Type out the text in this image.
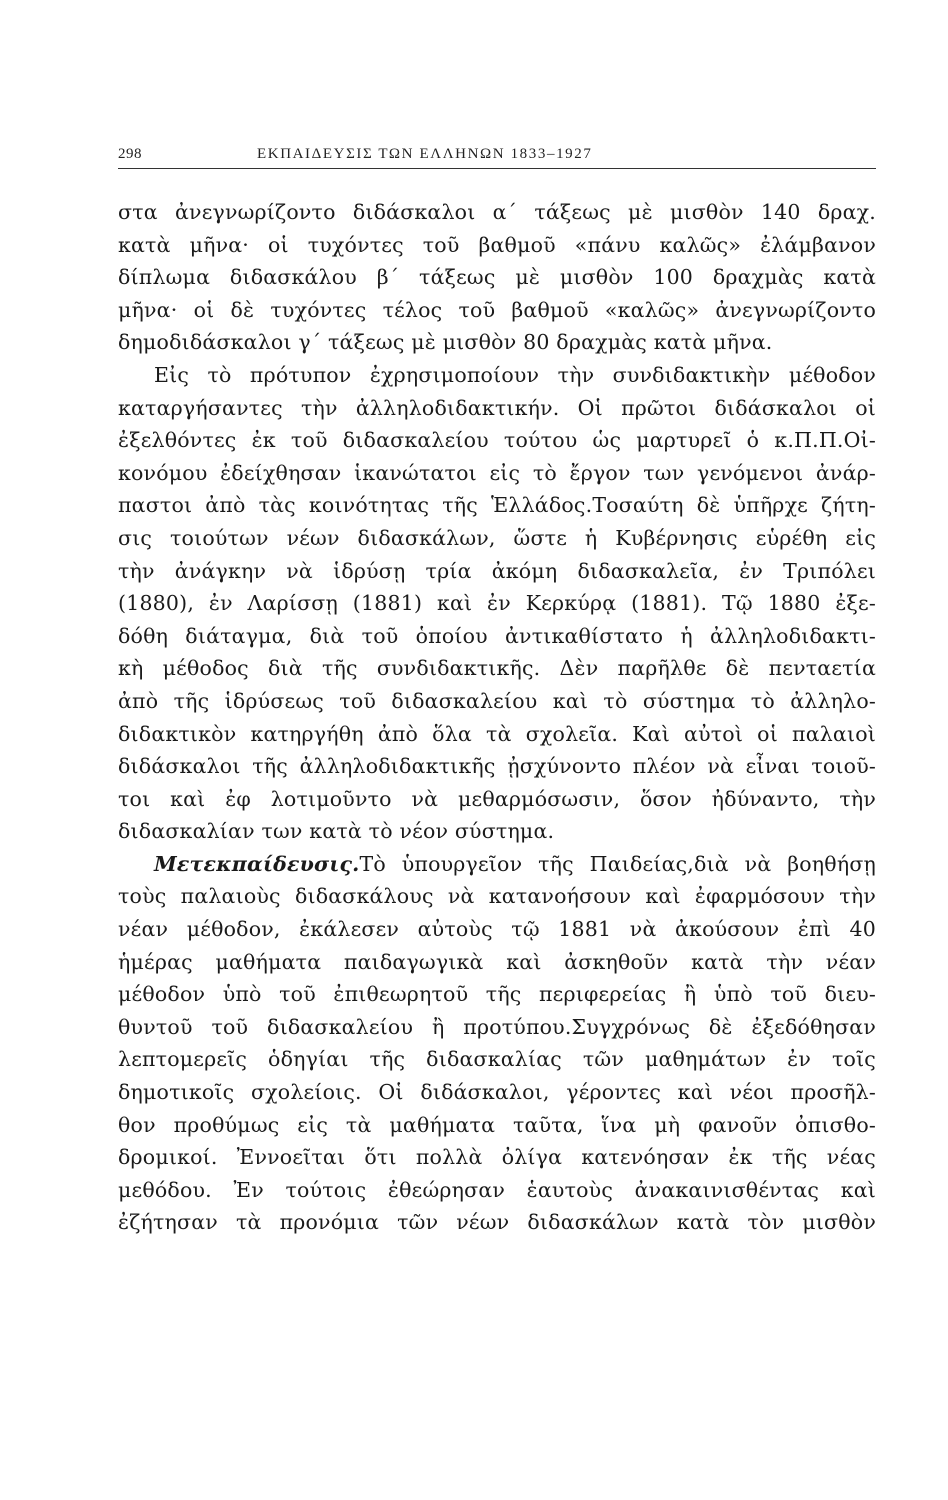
298	ΕΚΠΑΙΔΕΥΣΙΣ ΤΩΝ ΕΛΛΗΝΩΝ 1833–1927
στα ἀνεγνωρίζοντο διδάσκαλοι α΄ τάξεως μὲ μισθὸν 140 δραχ.
κατὰ μῆνα· οἱ τυχόντες τοῦ βαθμοῦ «πάνυ καλῶς» ἐλάμβανον
δίπλωμα διδασκάλου β΄ τάξεως μὲ μισθὸν 100 δραχμὰς κατὰ
μῆνα· οἱ δὲ τυχόντες τέλος τοῦ βαθμοῦ «καλῶς» ἀνεγνωρίζοντο
δημοδιδάσκαλοι γ΄ τάξεως μὲ μισθὸν 80 δραχμὰς κατὰ μῆνα.
Εἰς τὸ πρότυπον ἐχρησιμοποίουν τὴν συνδιδακτικὴν μέθοδον
καταργήσαντες τὴν ἀλληλοδιδακτικήν. Οἱ πρῶτοι διδάσκαλοι οἱ
ἐξελθόντες ἐκ τοῦ διδασκαλείου τούτου ὡς μαρτυρεῖ ὁ κ.Π.Π.Οἰ-
κονόμου ἐδείχθησαν ἱκανώτατοι εἰς τὸ ἔργον των γενόμενοι ἀνάρ-
παστοι ἀπὸ τὰς κοινότητας τῆς Ἑλλάδος.Τοσαύτη δὲ ὑπῆρχε ζήτη-
σις τοιούτων νέων διδασκάλων, ὥστε ἡ Κυβέρνησις εὑρέθη εἰς
τὴν ἀνάγκην νὰ ἱδρύσῃ τρία ἀκόμη διδασκαλεῖα, ἐν Τριπόλει
(1880), ἐν Λαρίσσῃ (1881) καὶ ἐν Κερκύρᾳ (1881). Τῷ 1880 ἐξε-
δόθη διάταγμα, διὰ τοῦ ὁποίου ἀντικαθίστατο ἡ ἀλληλοδιδακτι-
κὴ μέθοδος διὰ τῆς συνδιδακτικῆς. Δὲν παρῆλθε δὲ πενταετία
ἀπὸ τῆς ἱδρύσεως τοῦ διδασκαλείου καὶ τὸ σύστημα τὸ ἀλληλο-
διδακτικὸν κατηργήθη ἀπὸ ὅλα τὰ σχολεῖα. Καὶ αὐτοὶ οἱ παλαιοὶ
διδάσκαλοι τῆς ἀλληλοδιδακτικῆς ᾐσχύνοντο πλέον νὰ εἶναι τοιοῦ-
τοι καὶ ἐφ λοτιμοῦντο νὰ μεθαρμόσωσιν, ὅσον ἠδύναντο, τὴν
διδασκαλίαν των κατὰ τὸ νέον σύστημα.
Μετεκπαίδευσις.Τὸ ὑπουργεῖον τῆς Παιδείας,διὰ νὰ βοηθήσῃ
τοὺς παλαιοὺς διδασκάλους νὰ κατανοήσουν καὶ ἐφαρμόσουν τὴν
νέαν μέθοδον, ἐκάλεσεν αὐτοὺς τῷ 1881 νὰ ἀκούσουν ἐπὶ 40
ἡμέρας μαθήματα παιδαγωγικὰ καὶ ἀσκηθοῦν κατὰ τὴν νέαν
μέθοδον ὑπὸ τοῦ ἐπιθεωρητοῦ τῆς περιφερείας ἢ ὑπὸ τοῦ διευ-
θυντοῦ τοῦ διδασκαλείου ἢ προτύπου.Συγχρόνως δὲ ἐξεδόθησαν
λεπτομερεῖς ὁδηγίαι τῆς διδασκαλίας τῶν μαθημάτων ἐν τοῖς
δημοτικοῖς σχολείοις. Οἱ διδάσκαλοι, γέροντες καὶ νέοι προσῆλ-
θον προθύμως εἰς τὰ μαθήματα ταῦτα, ἵνα μὴ φανοῦν ὀπισθο-
δρομικοί. Ἐννοεῖται ὅτι πολλὰ ὀλίγα κατενόησαν ἐκ τῆς νέας
μεθόδου. Ἐν τούτοις ἐθεώρησαν ἑαυτοὺς ἀνακαινισθέντας καὶ
ἐζήτησαν τὰ προνόμια τῶν νέων διδασκάλων κατὰ τὸν μισθὸν
